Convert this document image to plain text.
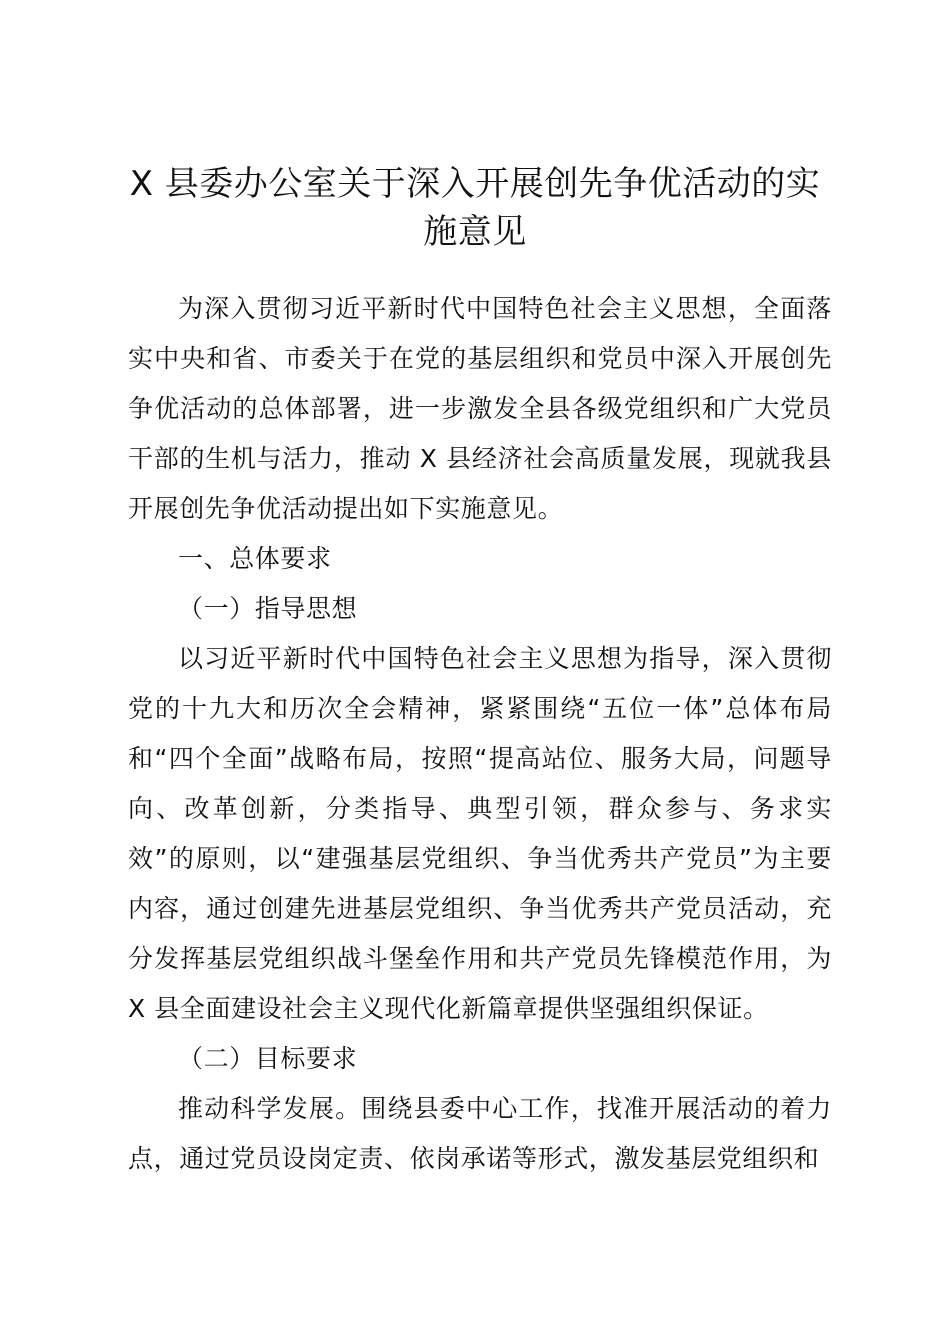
X 县委办公室关于深入开展创先争优活动的实施意见

为深入贯彻习近平新时代中国特色社会主义思想，全面落实中央和省、市委关于在党的基层组织和党员中深入开展创先争优活动的总体部署，进一步激发全县各级党组织和广大党员干部的生机与活力，推动 X 县经济社会高质量发展，现就我县开展创先争优活动提出如下实施意见。

一、总体要求

（一）指导思想

以习近平新时代中国特色社会主义思想为指导，深入贯彻党的十九大和历次全会精神，紧紧围绕“五位一体”总体布局和“四个全面”战略布局，按照“提高站位、服务大局，问题导向、改革创新，分类指导、典型引领，群众参与、务求实效”的原则，以“建强基层党组织、争当优秀共产党员”为主要内容，通过创建先进基层党组织、争当优秀共产党员活动，充分发挥基层党组织战斗堡垒作用和共产党员先锋模范作用，为 X 县全面建设社会主义现代化新篇章提供坚强组织保证。

（二）目标要求

推动科学发展。围绕县委中心工作，找准开展活动的着力点，通过党员设岗定责、依岗承诺等形式，激发基层党组织和
